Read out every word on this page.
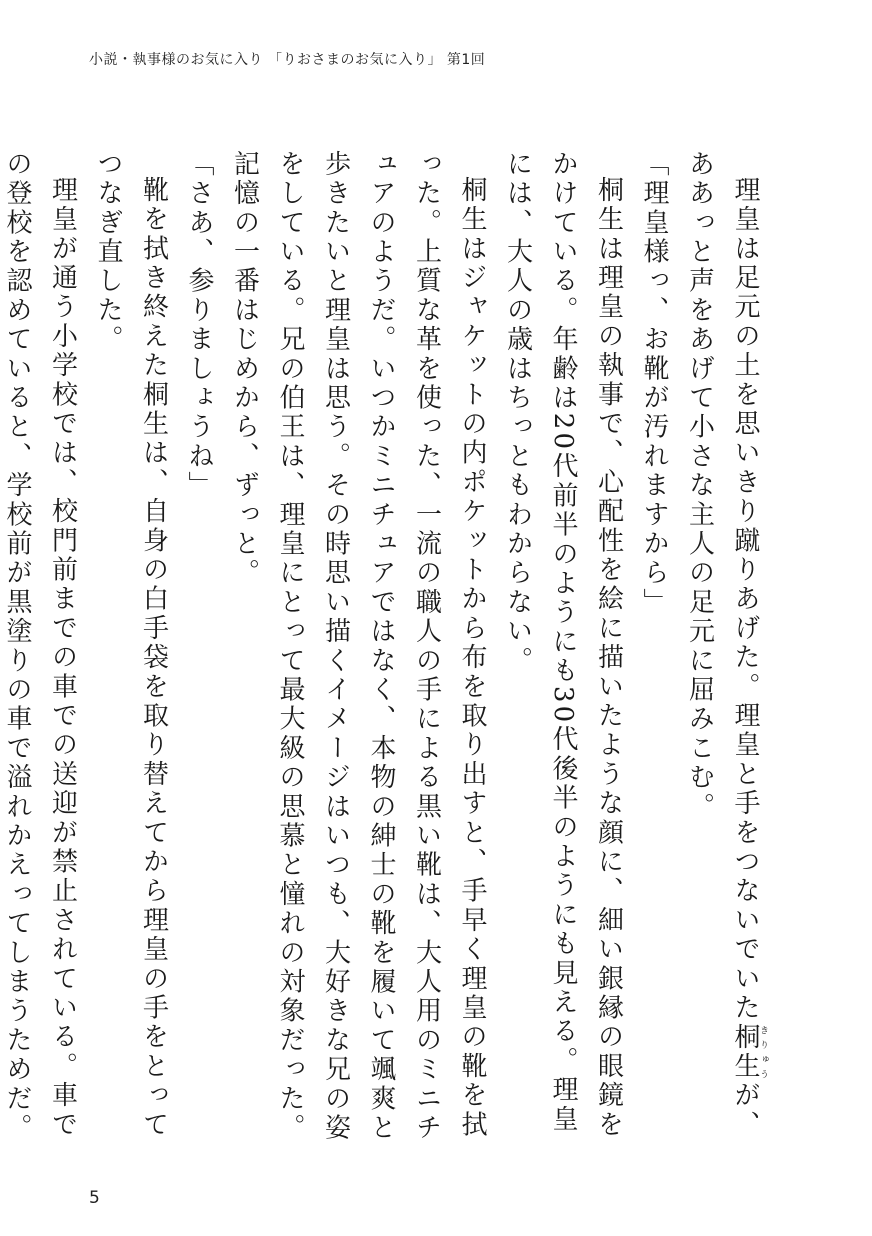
小説・執事様のお気に入り 「りおさまのお気に入り」 第1回

理皇は足元の土を思いきり蹴りあげた。理皇と手をつないでいた桐生きりゅうが、ああっと声をあげて小さな主人の足元に屈みこむ。

「理皇様っ、お靴が汚れますから」

桐生は理皇の執事で、心配性を絵に描いたような顔に、細い銀縁の眼鏡をかけている。年齢は20代前半のようにも30代後半のようにも見える。理皇には、大人の歳はちっともわからない。

桐生はジャケットの内ポケットから布を取り出すと、手早く理皇の靴を拭った。上質な革を使った、一流の職人の手による黒い靴は、大人用のミニチュアのようだ。いつかミニチュアではなく、本物の紳士の靴を履いて颯爽と歩きたいと理皇は思う。その時思い描くイメージはいつも、大好きな兄の姿をしている。兄の伯王は、理皇にとって最大級の思慕と憧れの対象だった。記憶の一番はじめから、ずっと。

「さあ、参りましょうね」

靴を拭き終えた桐生は、自身の白手袋を取り替えてから理皇の手をとってつなぎ直した。

理皇が通う小学校では、校門前までの車での送迎が禁止されている。車での登校を認めていると、学校前が黒塗りの車で溢れかえってしまうためだ。

5
